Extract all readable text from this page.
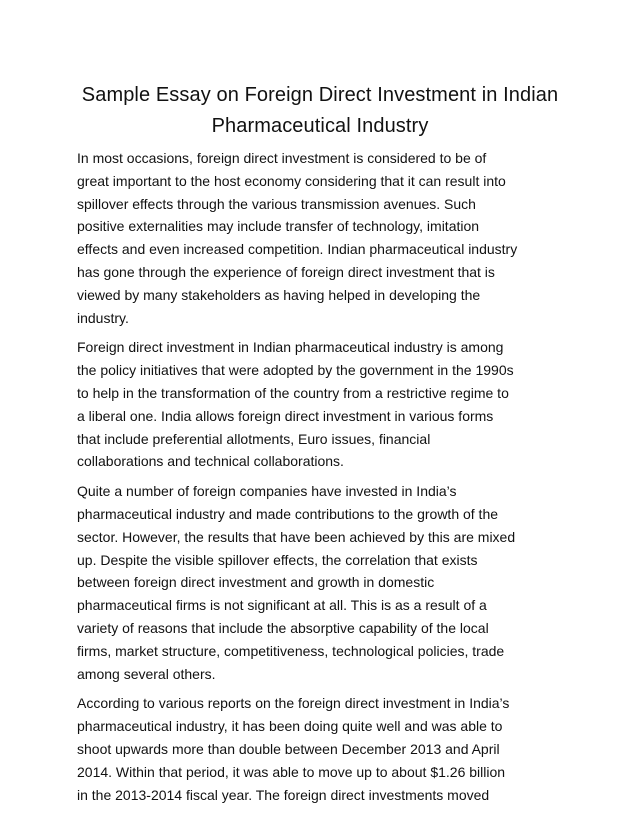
Sample Essay on Foreign Direct Investment in Indian Pharmaceutical Industry

In most occasions, foreign direct investment is considered to be of
great important to the host economy considering that it can result into
spillover effects through the various transmission avenues. Such
positive externalities may include transfer of technology, imitation
effects and even increased competition. Indian pharmaceutical industry
has gone through the experience of foreign direct investment that is
viewed by many stakeholders as having helped in developing the
industry.

Foreign direct investment in Indian pharmaceutical industry is among
the policy initiatives that were adopted by the government in the 1990s
to help in the transformation of the country from a restrictive regime to
a liberal one. India allows foreign direct investment in various forms
that include preferential allotments, Euro issues, financial
collaborations and technical collaborations.

Quite a number of foreign companies have invested in India’s
pharmaceutical industry and made contributions to the growth of the
sector. However, the results that have been achieved by this are mixed
up. Despite the visible spillover effects, the correlation that exists
between foreign direct investment and growth in domestic
pharmaceutical firms is not significant at all. This is as a result of a
variety of reasons that include the absorptive capability of the local
firms, market structure, competitiveness, technological policies, trade
among several others.

According to various reports on the foreign direct investment in India’s
pharmaceutical industry, it has been doing quite well and was able to
shoot upwards more than double between December 2013 and April
2014. Within that period, it was able to move up to about $1.26 billion
in the 2013-2014 fiscal year. The foreign direct investments moved
